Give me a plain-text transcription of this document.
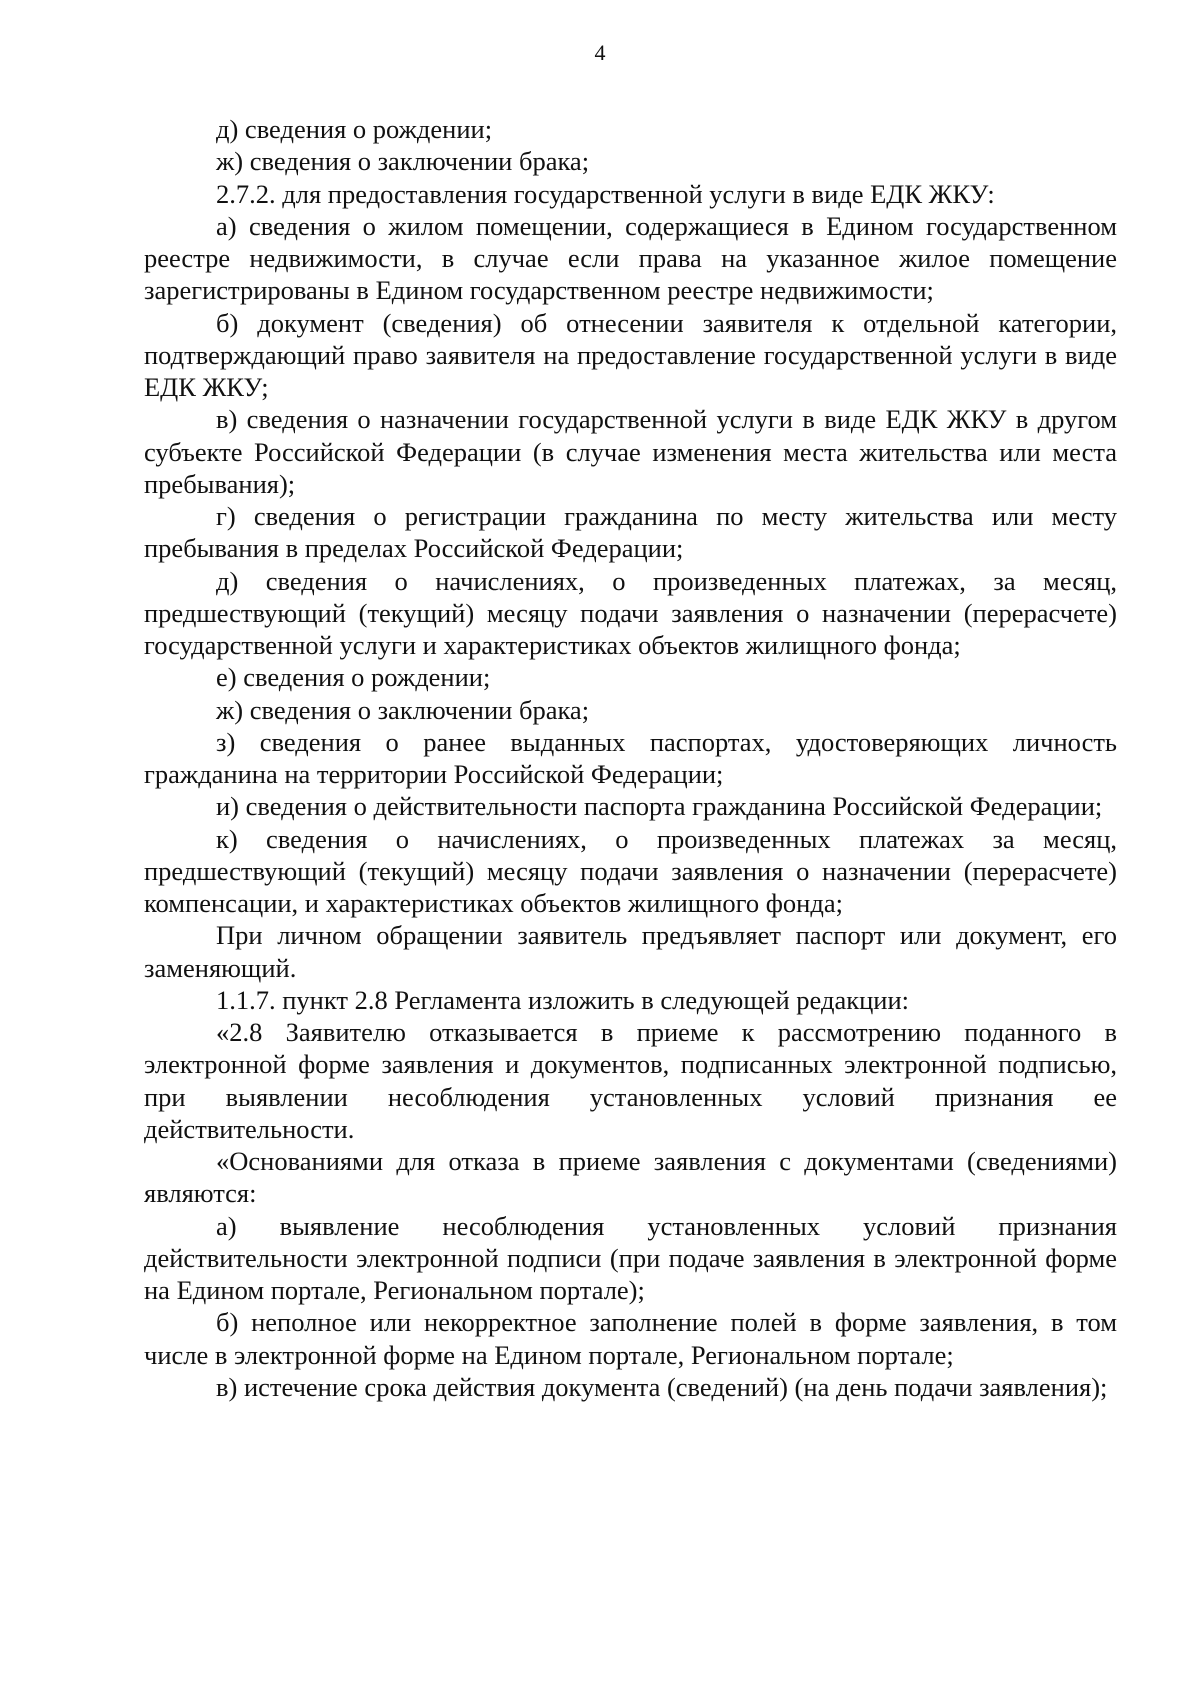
4

д) сведения о рождении;

ж) сведения о заключении брака;

2.7.2. для предоставления государственной услуги в виде ЕДК ЖКУ:

а) сведения о жилом помещении, содержащиеся в Едином государственном реестре недвижимости, в случае если права на указанное жилое помещение зарегистрированы в Едином государственном реестре недвижимости;

б) документ (сведения) об отнесении заявителя к отдельной категории, подтверждающий право заявителя на предоставление государственной услуги в виде ЕДК ЖКУ;

в) сведения о назначении государственной услуги в виде ЕДК ЖКУ в другом субъекте Российской Федерации (в случае изменения места жительства или места пребывания);

г) сведения о регистрации гражданина по месту жительства или месту пребывания в пределах Российской Федерации;

д) сведения о начислениях, о произведенных платежах, за месяц, предшествующий (текущий) месяцу подачи заявления о назначении (перерасчете) государственной услуги и характеристиках объектов жилищного фонда;

е) сведения о рождении;

ж) сведения о заключении брака;

з) сведения о ранее выданных паспортах, удостоверяющих личность гражданина на территории Российской Федерации;

и) сведения о действительности паспорта гражданина Российской Федерации;

к) сведения о начислениях, о произведенных платежах за месяц, предшествующий (текущий) месяцу подачи заявления о назначении (перерасчете) компенсации, и характеристиках объектов жилищного фонда;

При личном обращении заявитель предъявляет паспорт или документ, его заменяющий.

1.1.7. пункт 2.8 Регламента изложить в следующей редакции:

«2.8 Заявителю отказывается в приеме к рассмотрению поданного в электронной форме заявления и документов, подписанных электронной подписью, при выявлении несоблюдения установленных условий признания ее действительности.

«Основаниями для отказа в приеме заявления с документами (сведениями) являются:

а) выявление несоблюдения установленных условий признания действительности электронной подписи (при подаче заявления в электронной форме на Едином портале, Региональном портале);

б) неполное или некорректное заполнение полей в форме заявления, в том числе в электронной форме на Едином портале, Региональном портале;

в) истечение срока действия документа (сведений) (на день подачи заявления);
